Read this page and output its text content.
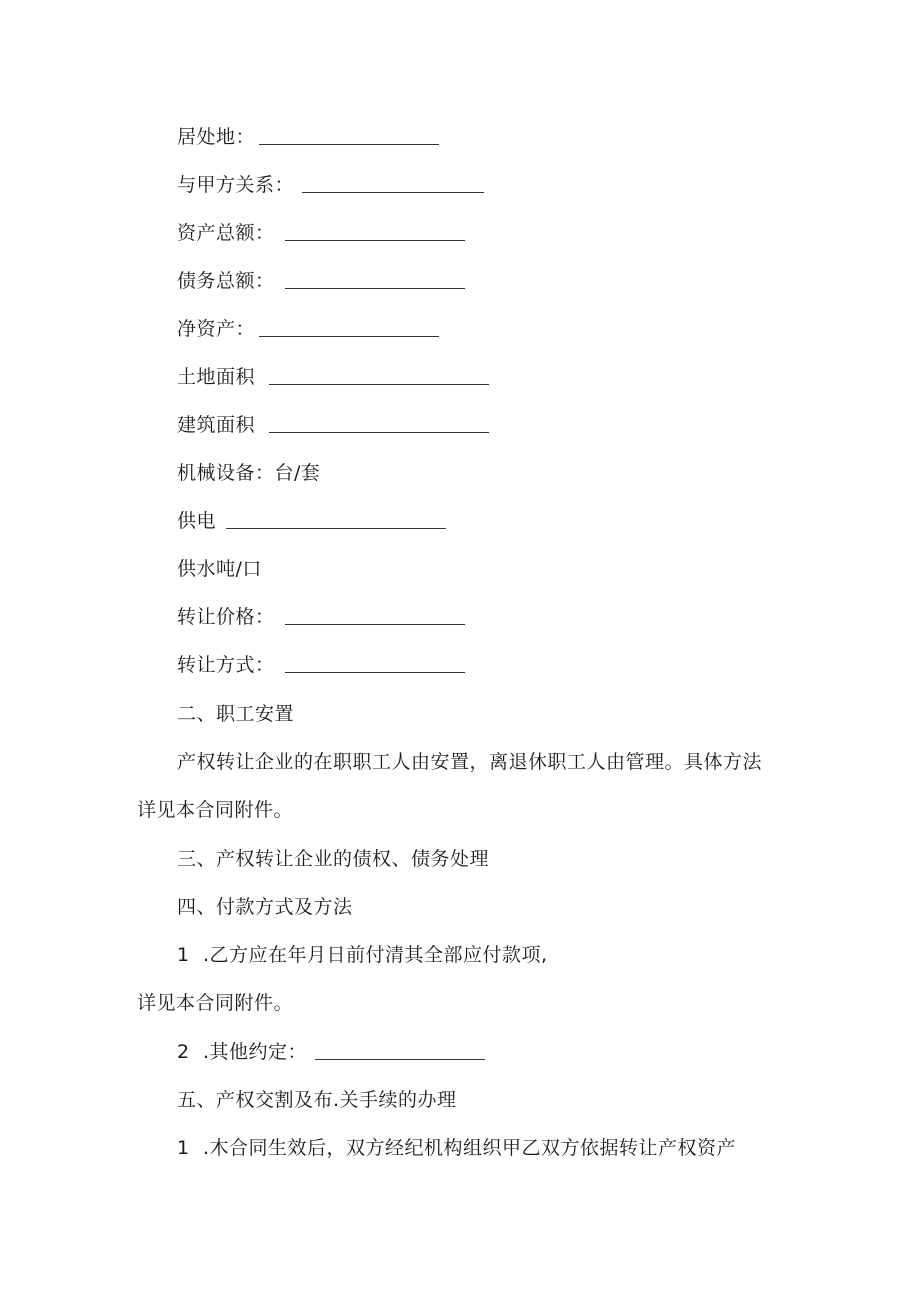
居处地：
与甲方关系：
资产总额：
债务总额：
净资产：
土地面积
建筑面积
机械设备：台/套
供电
供水吨/口
转让价格：
转让方式：
二、职工安置
产权转让企业的在职职工人由安置，离退休职工人由管理。具体方法
详见本合同附件。
三、产权转让企业的债权、债务处理
四、付款方式及方法
1 .乙方应在年月日前付清其全部应付款项,
详见本合同附件。
2 .其他约定：
五、产权交割及布.关手续的办理
1 .木合同生效后，双方经纪机构组织甲乙双方依据转让产权资产
